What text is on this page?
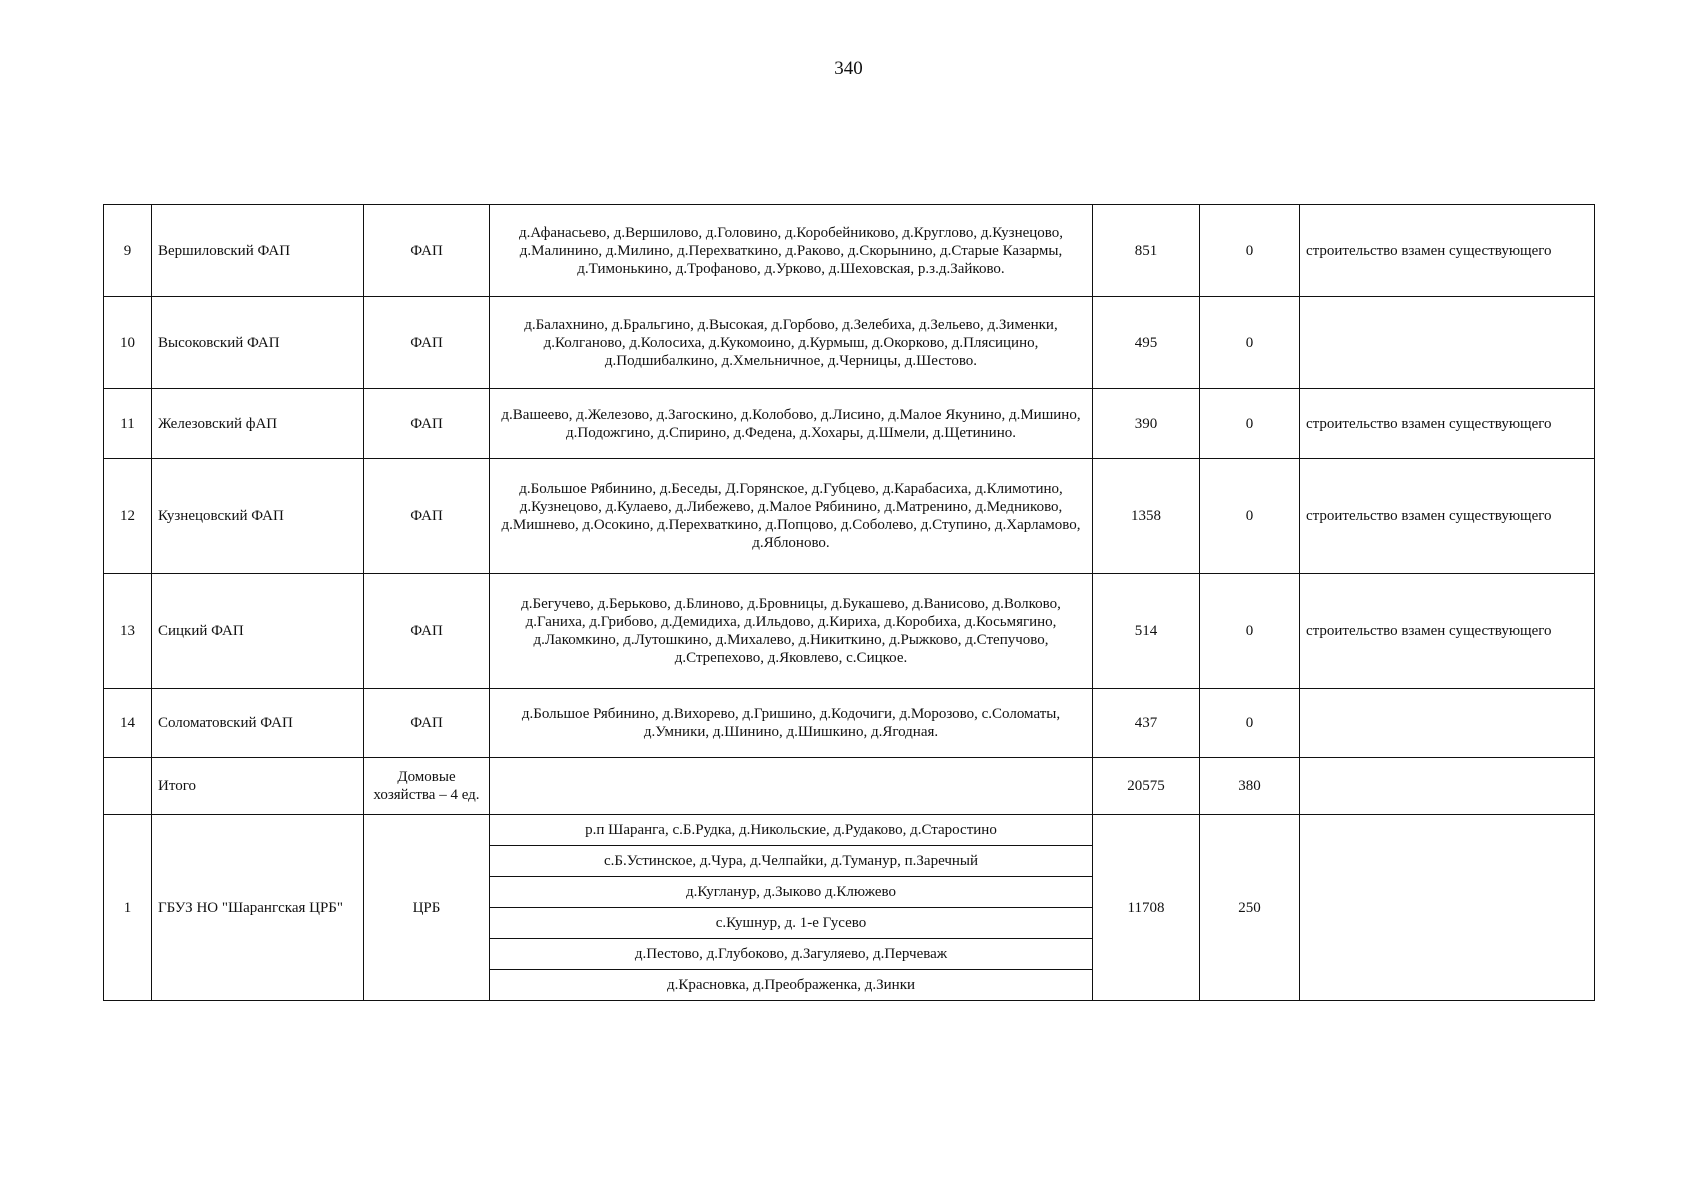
340
9	Вершиловский ФАП	ФАП	д.Афанасьево, д.Вершилово, д.Головино, д.Коробейниково, д.Круглово, д.Кузнецово, д.Малинино, д.Милино, д.Перехваткино, д.Раково, д.Скорынино, д.Старые Казармы, д.Тимонькино, д.Трофаново, д.Урково, д.Шеховская, р.з.д.Зайково.	851	0	строительство взамен существующего
10	Высоковский ФАП	ФАП	д.Балахнино, д.Бральгино, д.Высокая, д.Горбово, д.Зелебиха, д.Зельево, д.Зименки, д.Колганово, д.Колосиха, д.Кукомоино, д.Курмыш, д.Окорково, д.Плясицино, д.Подшибалкино, д.Хмельничное, д.Черницы, д.Шестово.	495	0	
11	Железовский фАП	ФАП	д.Вашеево, д.Железово, д.Загоскино, д.Колобово, д.Лисино, д.Малое Якунино, д.Мишино, д.Подожгино, д.Спирино, д.Федена, д.Хохары, д.Шмели, д.Щетинино.	390	0	строительство взамен существующего
12	Кузнецовский ФАП	ФАП	д.Большое Рябинино, д.Беседы, Д.Горянское, д.Губцево, д.Карабасиха, д.Климотино, д.Кузнецово, д.Кулаево, д.Либежево, д.Малое Рябинино, д.Матренино, д.Медниково, д.Мишнево, д.Осокино, д.Перехваткино, д.Попцово, д.Соболево, д.Ступино, д.Харламово, д.Яблоново.	1358	0	строительство взамен существующего
13	Сицкий ФАП	ФАП	д.Бегучево, д.Берьково, д.Блиново, д.Бровницы, д.Букашево, д.Ванисово, д.Волково, д.Ганиха, д.Грибово, д.Демидиха, д.Ильдово, д.Кириха, д.Коробиха, д.Косьмягино, д.Лакомкино, д.Лутошкино, д.Михалево, д.Никиткино, д.Рыжково, д.Степучово, д.Стрепехово, д.Яковлево, с.Сицкое.	514	0	строительство взамен существующего
14	Соломатовский ФАП	ФАП	д.Большое Рябинино, д.Вихорево, д.Гришино, д.Кодочиги, д.Морозово, с.Соломаты, д.Умники, д.Шинино, д.Шишкино, д.Ягодная.	437	0	
	Итого	Домовые хозяйства – 4 ед.		20575	380	
1	ГБУЗ НО "Шарангская ЦРБ"	ЦРБ	р.п Шаранга, с.Б.Рудка, д.Никольские, д.Рудаково, д.Старостино	11708	250	
			с.Б.Устинское, д.Чура, д.Челпайки, д.Туманур, п.Заречный			
			д.Кугланур, д.Зыково д.Клюжево			
			с.Кушнур, д. 1-е Гусево			
			д.Пестово, д.Глубоково, д.Загуляево, д.Перчеваж			
			д.Красновка, д.Преображенка, д.Зинки			
